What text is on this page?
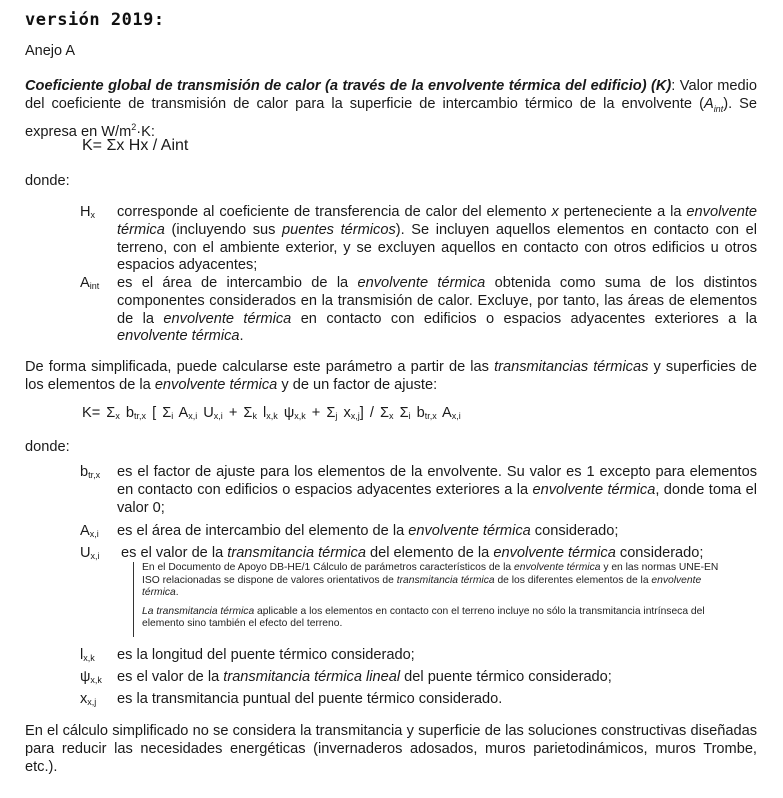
versión 2019:
Anejo A
Coeficiente global de transmisión de calor (a través de la envolvente térmica del edificio) (K): Valor medio del coeficiente de transmisión de calor para la superficie de intercambio térmico de la envolvente $(A_{int})$. Se expresa en $W/m^2\cdot K$:
K= Σx Hx / Aint
donde:
$H_x$ corresponde al coeficiente de transferencia de calor del elemento x perteneciente a la envolvente térmica (incluyendo sus puentes térmicos). Se incluyen aquellos elementos en contacto con el terreno, con el ambiente exterior, y se excluyen aquellos en contacto con otros edificios u otros espacios adyacentes;
$A_{int}$ es el área de intercambio de la envolvente térmica obtenida como suma de los distintos componentes considerados en la transmisión de calor. Excluye, por tanto, las áreas de elementos de la envolvente térmica en contacto con edificios o espacios adyacentes exteriores a la envolvente térmica.
De forma simplificada, puede calcularse este parámetro a partir de las transmitancias térmicas y superficies de los elementos de la envolvente térmica y de un factor de ajuste:
$K= \Sigma_x$ $b_{tr,x}$ [ $\Sigma_i$ $A_{x,i}$ $U_{x,i} + \Sigma_k$ $l_{x,k}$ $\psi_{x,k} + \Sigma_j$ $x_{x,j}] / \Sigma_x$ $\Sigma_i$ $b_{tr,x}$ $A_{x,i}$
donde:
$b_{tr,x}$ es el factor de ajuste para los elementos de la envolvente. Su valor es 1 excepto para elementos en contacto con edificios o espacios adyacentes exteriores a la envolvente térmica, donde toma el valor 0;
$A_{x,i}$ es el área de intercambio del elemento de la envolvente térmica considerado;
$U_{x,i}$ es el valor de la transmitancia térmica del elemento de la envolvente térmica considerado;

En el Documento de Apoyo DB-HE/1 Cálculo de parámetros característicos de la envolvente térmica y en las normas UNE-EN ISO relacionadas se dispone de valores orientativos de transmitancia térmica de los diferentes elementos de la envolvente térmica.

La transmitancia térmica aplicable a los elementos en contacto con el terreno incluye no sólo la transmitancia intrínseca del elemento sino también el efecto del terreno.

$l_{x,k}$ es la longitud del puente térmico considerado;
$\psi_{x,k}$ es el valor de la transmitancia térmica lineal del puente térmico considerado;
$x_{x,j}$ es la transmitancia puntual del puente térmico considerado.
En el cálculo simplificado no se considera la transmitancia y superficie de las soluciones constructivas diseñadas para reducir las necesidades energéticas (invernaderos adosados, muros parietodinámicos, muros Trombe, etc.).
